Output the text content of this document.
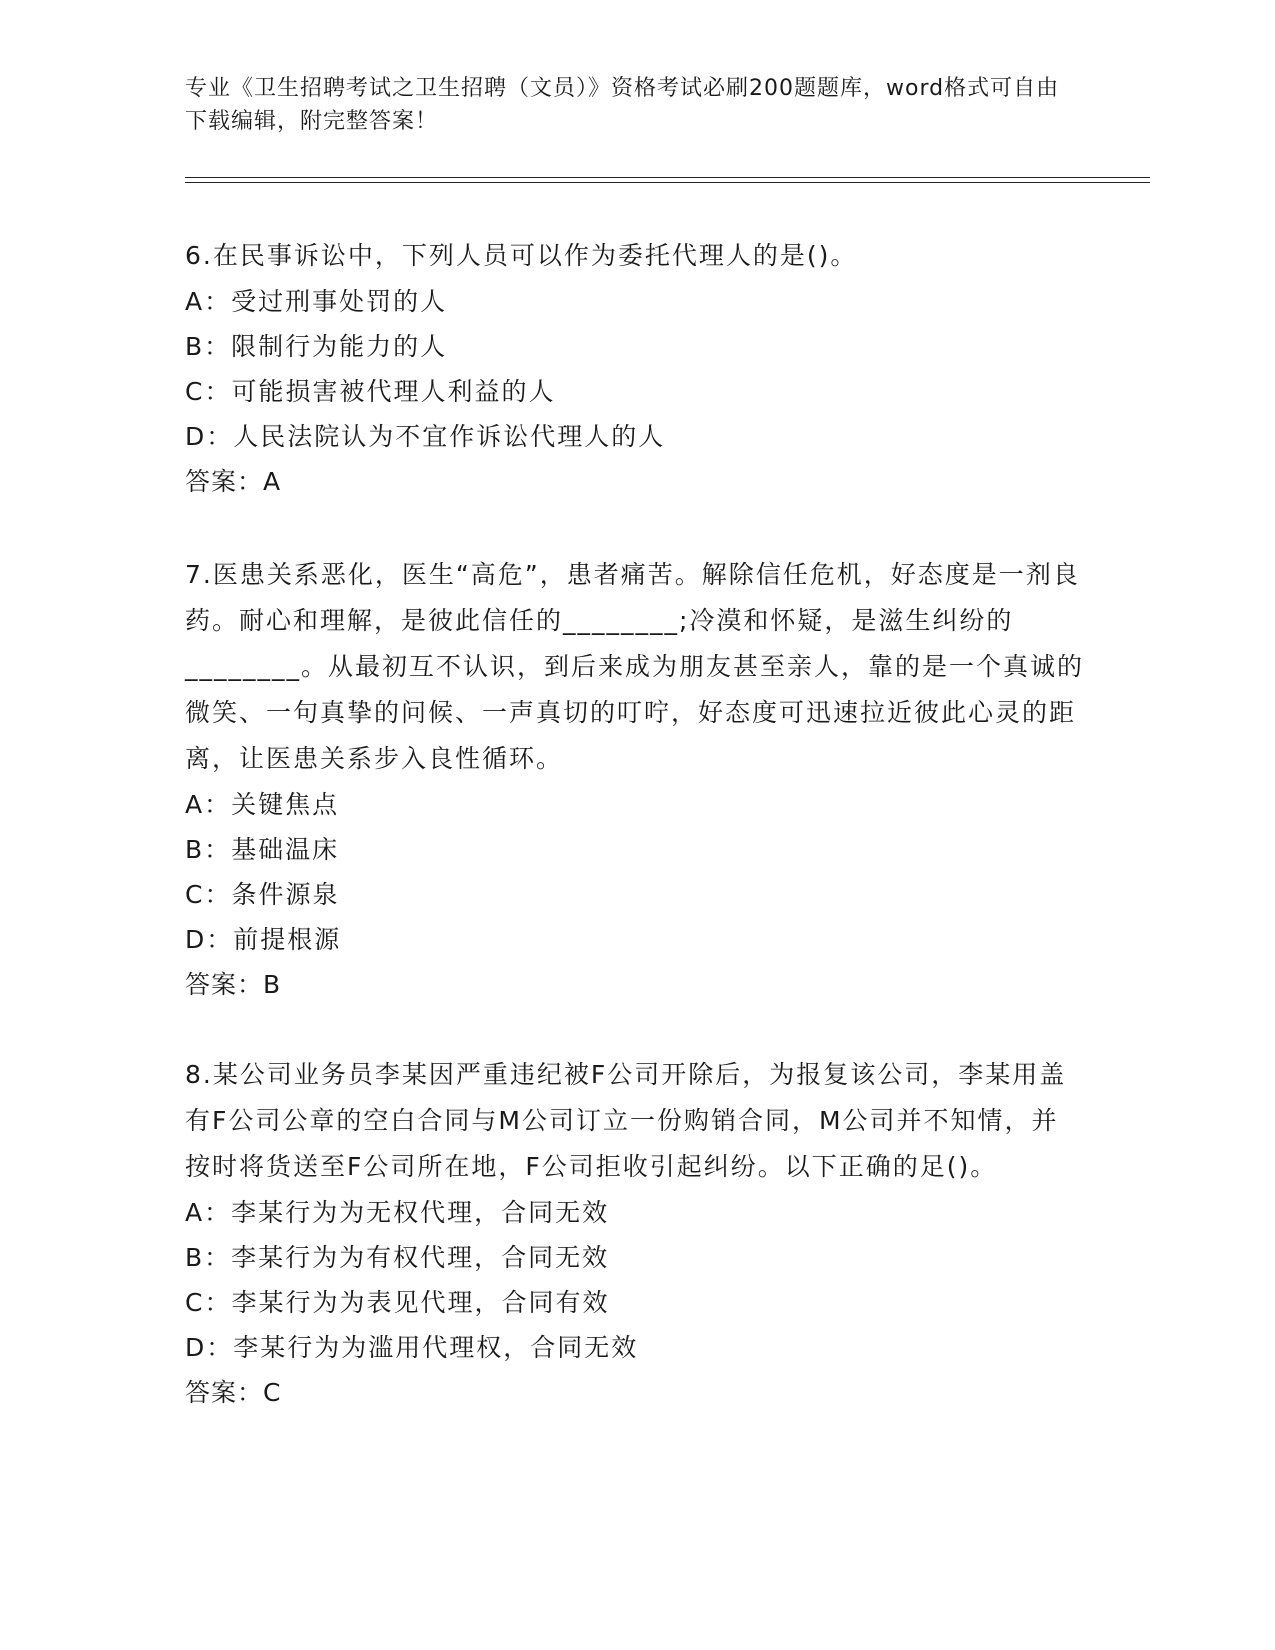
专业《卫生招聘考试之卫生招聘（文员）》资格考试必刷200题题库，word格式可自由下载编辑，附完整答案！

6.在民事诉讼中，下列人员可以作为委托代理人的是()。

A：受过刑事处罚的人

B：限制行为能力的人

C：可能损害被代理人利益的人

D：人民法院认为不宜作诉讼代理人的人

答案：A

7.医患关系恶化，医生“高危”，患者痛苦。解除信任危机，好态度是一剂良药。耐心和理解，是彼此信任的________;冷漠和怀疑，是滋生纠纷的________。从最初互不认识，到后来成为朋友甚至亲人，靠的是一个真诚的微笑、一句真挚的问候、一声真切的叮咛，好态度可迅速拉近彼此心灵的距离，让医患关系步入良性循环。

A：关键焦点

B：基础温床

C：条件源泉

D：前提根源

答案：B

8.某公司业务员李某因严重违纪被F公司开除后，为报复该公司，李某用盖有F公司公章的空白合同与M公司订立一份购销合同，M公司并不知情，并按时将货送至F公司所在地，F公司拒收引起纠纷。以下正确的足()。

A：李某行为为无权代理，合同无效

B：李某行为为有权代理，合同无效

C：李某行为为表见代理，合同有效

D：李某行为为滥用代理权，合同无效

答案：C
